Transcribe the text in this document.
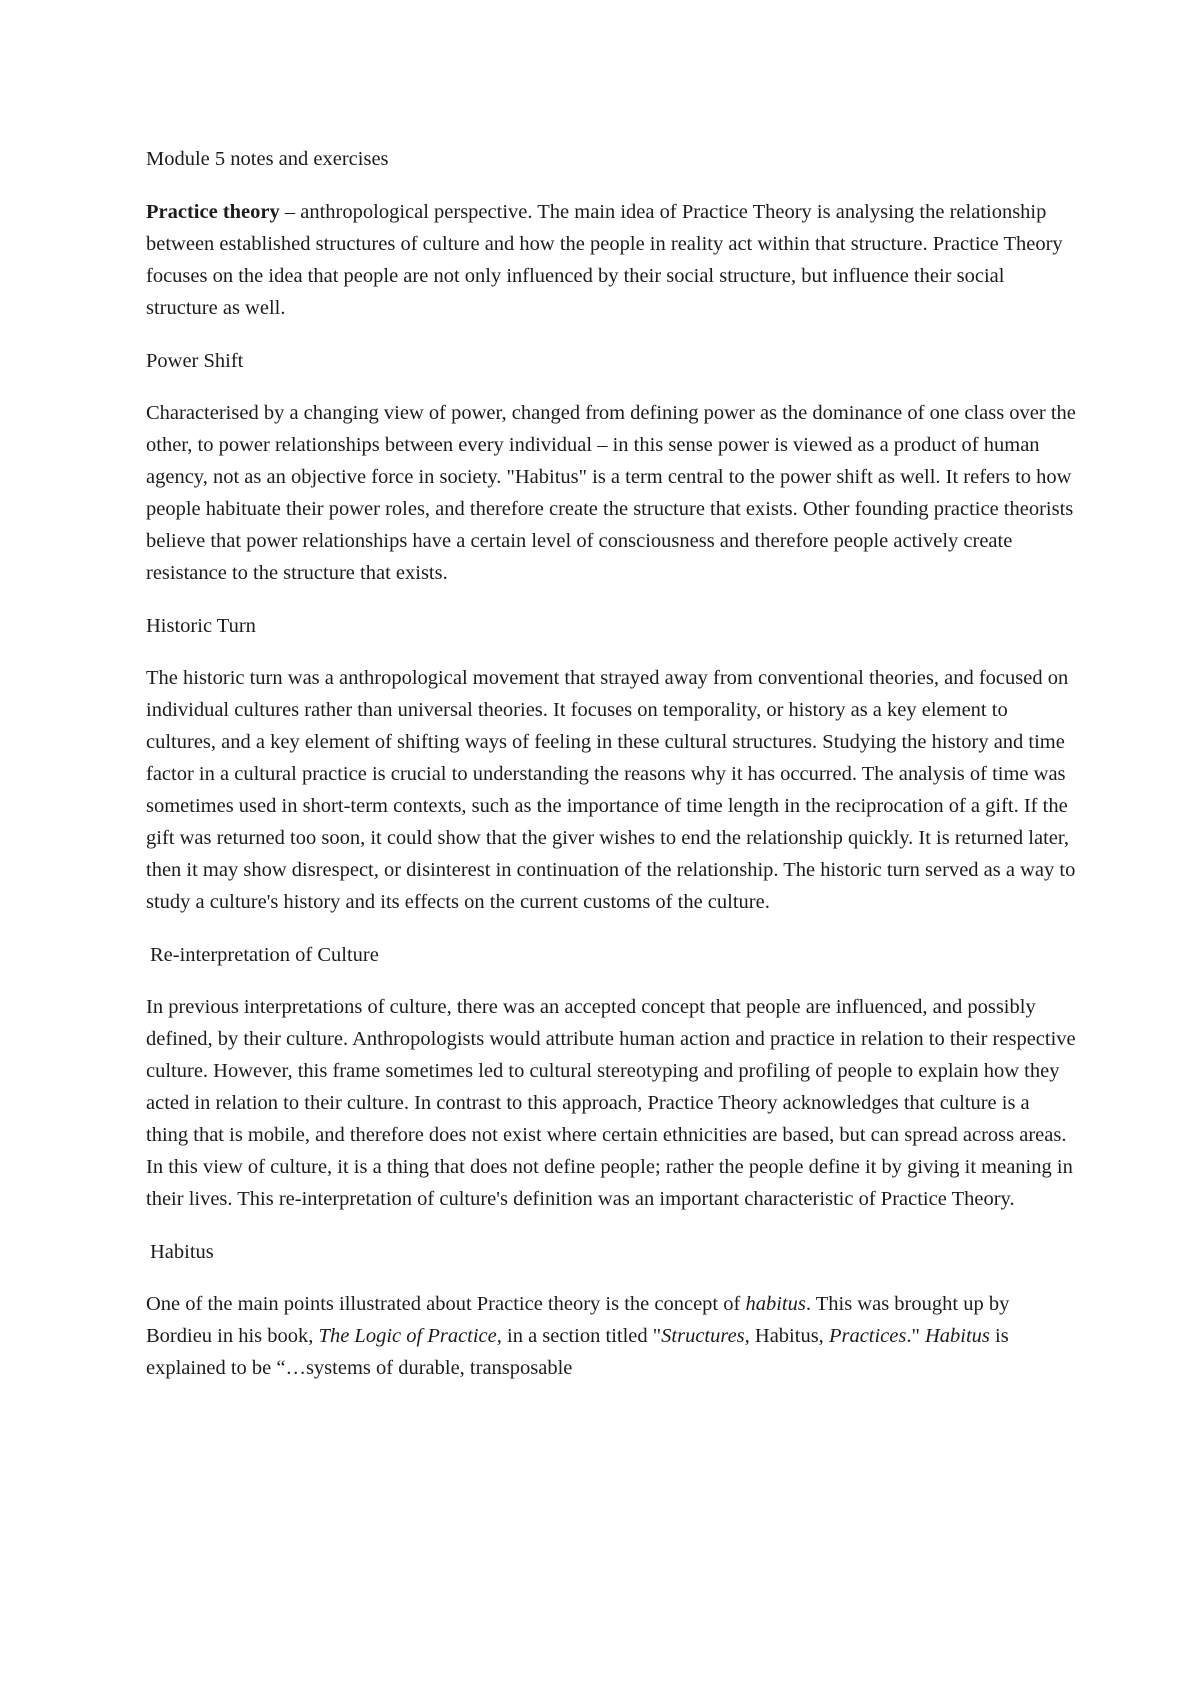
Module 5 notes and exercises

Practice theory – anthropological perspective. The main idea of Practice Theory is analysing the relationship between established structures of culture and how the people in reality act within that structure. Practice Theory focuses on the idea that people are not only influenced by their social structure, but influence their social structure as well.

Power Shift

Characterised by a changing view of power, changed from defining power as the dominance of one class over the other, to power relationships between every individual – in this sense power is viewed as a product of human agency, not as an objective force in society. "Habitus" is a term central to the power shift as well. It refers to how people habituate their power roles, and therefore create the structure that exists. Other founding practice theorists believe that power relationships have a certain level of consciousness and therefore people actively create resistance to the structure that exists.

Historic Turn

The historic turn was a anthropological movement that strayed away from conventional theories, and focused on individual cultures rather than universal theories. It focuses on temporality, or history as a key element to cultures, and a key element of shifting ways of feeling in these cultural structures. Studying the history and time factor in a cultural practice is crucial to understanding the reasons why it has occurred. The analysis of time was sometimes used in short-term contexts, such as the importance of time length in the reciprocation of a gift. If the gift was returned too soon, it could show that the giver wishes to end the relationship quickly. It is returned later, then it may show disrespect, or disinterest in continuation of the relationship. The historic turn served as a way to study a culture's history and its effects on the current customs of the culture.

Re-interpretation of Culture

In previous interpretations of culture, there was an accepted concept that people are influenced, and possibly defined, by their culture. Anthropologists would attribute human action and practice in relation to their respective culture. However, this frame sometimes led to cultural stereotyping and profiling of people to explain how they acted in relation to their culture. In contrast to this approach, Practice Theory acknowledges that culture is a thing that is mobile, and therefore does not exist where certain ethnicities are based, but can spread across areas. In this view of culture, it is a thing that does not define people; rather the people define it by giving it meaning in their lives. This re-interpretation of culture's definition was an important characteristic of Practice Theory.

Habitus

One of the main points illustrated about Practice theory is the concept of habitus. This was brought up by Bordieu in his book, The Logic of Practice, in a section titled "Structures, Habitus, Practices." Habitus is explained to be “…systems of durable, transposable
